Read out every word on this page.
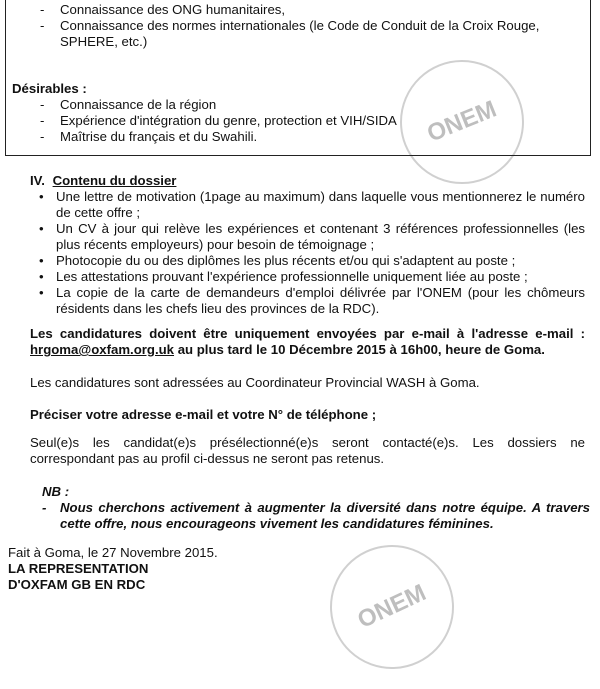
ONEM
ONEM
- Connaissance des ONG humanitaires,
- Connaissance des normes internationales (le Code de Conduit de la Croix Rouge, SPHERE, etc.)
Désirables :
- Connaissance de la région
- Expérience d'intégration du genre, protection et VIH/SIDA
- Maîtrise du français et du Swahili.
IV. Contenu du dossier
• Une lettre de motivation (1page au maximum) dans laquelle vous mentionnerez le numéro de cette offre ;
• Un CV à jour qui relève les expériences et contenant 3 références professionnelles (les plus récents employeurs) pour besoin de témoignage ;
• Photocopie du ou des diplômes les plus récents et/ou qui s'adaptent au poste ;
• Les attestations prouvant l'expérience professionnelle uniquement liée au poste ;
• La copie de la carte de demandeurs d'emploi délivrée par l'ONEM (pour les chômeurs résidents dans les chefs lieu des provinces de la RDC).

Les candidatures doivent être uniquement envoyées par e-mail à l'adresse e-mail : hrgoma@oxfam.org.uk au plus tard le 10 Décembre 2015 à 16h00, heure de Goma.

Les candidatures sont adressées au Coordinateur Provincial WASH à Goma.

Préciser votre adresse e-mail et votre N° de téléphone ;

Seul(e)s les candidat(e)s présélectionné(e)s seront contacté(e)s. Les dossiers ne correspondant pas au profil ci-dessus ne seront pas retenus.

NB :
-	Nous cherchons activement à augmenter la diversité dans notre équipe. A travers cette offre, nous encourageons vivement les candidatures féminines.

Fait à Goma, le 27 Novembre 2015.

LA REPRESENTATION

D'OXFAM GB EN RDC
